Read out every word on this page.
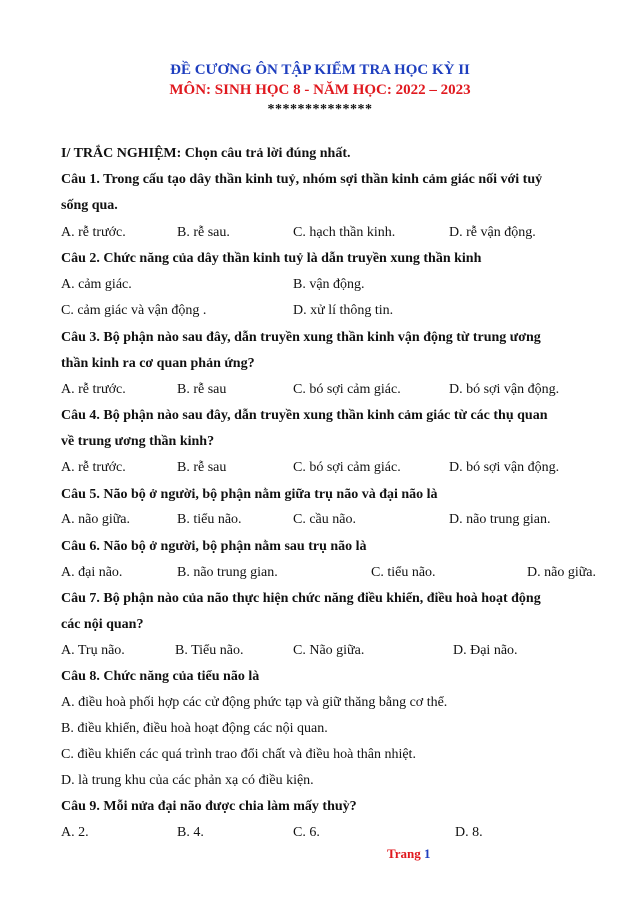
ĐỀ CƯƠNG ÔN TẬP KIỂM TRA HỌC KỲ II
MÔN: SINH HỌC 8 - NĂM HỌC: 2022 – 2023
**************
I/ TRẮC NGHIỆM: Chọn câu trả lời đúng nhất.
Câu 1. Trong cấu tạo dây thần kinh tuỷ, nhóm sợi thần kinh cảm giác nối với tuỷ
sống qua.
A. rễ trước.	B. rễ sau.	C. hạch thần kinh.	D. rễ vận động.
Câu 2. Chức năng của dây thần kinh tuỷ là dẫn truyền xung thần kinh
A. cảm giác.	B. vận động.
C. cảm giác và vận động .	D. xử lí thông tin.
Câu 3. Bộ phận nào sau đây, dẫn truyền xung thần kinh vận động từ trung ương
thần kinh ra cơ quan phản ứng?
A. rễ trước.	B. rễ sau	C. bó sợi cảm giác.	D. bó sợi vận động.
Câu 4. Bộ phận nào sau đây, dẫn truyền xung thần kinh cảm giác từ các thụ quan
về trung ương thần kinh?
A. rễ trước.	B. rễ sau	C. bó sợi cảm giác.	D. bó sợi vận động.
Câu 5. Não bộ ở người, bộ phận nằm giữa trụ não và đại não là
A. não giữa.	B. tiểu não.	C. cầu não.	D. não trung gian.
Câu 6. Não bộ ở người, bộ phận nằm sau trụ não là
A. đại não.	B. não trung gian.	C. tiểu não.	D. não giữa.
Câu 7. Bộ phận nào của não thực hiện chức năng điều khiển, điều hoà hoạt động
các nội quan?
A. Trụ não.	B. Tiểu não.	C. Não giữa.	D. Đại não.
Câu 8. Chức năng của tiểu não là
A. điều hoà phối hợp các cử động phức tạp và giữ thăng bằng cơ thể.
B. điều khiển, điều hoà hoạt động các nội quan.
C. điều khiển các quá trình trao đổi chất và điều hoà thân nhiệt.
D. là trung khu của các phản xạ có điều kiện.
Câu 9. Mỗi nửa đại não được chia làm mấy thuỳ?
A. 2.	B. 4.	C. 6.	D. 8.
Trang 1
